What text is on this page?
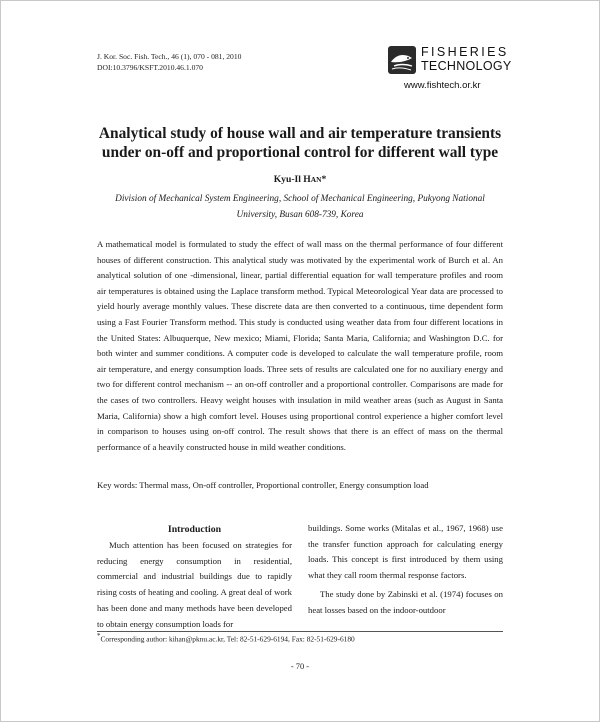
J. Kor. Soc. Fish. Tech., 46 (1), 070 - 081, 2010
DOI:10.3796/KSFT.2010.46.1.070
FISHERIES
TECHNOLOGY
www.fishtech.or.kr
Analytical study of house wall and air temperature transients
under on-off and proportional control for different wall type
Kyu-Il HAN*
Division of Mechanical System Engineering, School of Mechanical Engineering, Pukyong National
University, Busan 608-739, Korea

A mathematical model is formulated to study the effect of wall mass on the thermal performance of four different houses of different construction. This analytical study was motivated by the experimental work of Burch et al. An analytical solution of one -dimensional, linear, partial differential equation for wall temperature profiles and room air temperatures is obtained using the Laplace transform method. Typical Meteorological Year data are processed to yield hourly average monthly values. These discrete data are then converted to a continuous, time dependent form using a Fast Fourier Transform method. This study is conducted using weather data from four different locations in the United States: Albuquerque, New mexico; Miami, Florida; Santa Maria, California; and Washington D.C. for both winter and summer conditions. A computer code is developed to calculate the wall temperature profile, room air temperature, and energy consumption loads. Three sets of results are calculated one for no auxiliary energy and two for different control mechanism -- an on-off controller and a proportional controller. Comparisons are made for the cases of two controllers. Heavy weight houses with insulation in mild weather areas (such as August in Santa Maria, California) show a high comfort level. Houses using proportional control experience a higher comfort level in comparison to houses using on-off control. The result shows that there is an effect of mass on the thermal performance of a heavily constructed house in mild weather conditions.

Key words: Thermal mass, On-off controller, Proportional controller, Energy consumption load
Introduction

Much attention has been focused on strategies for reducing energy consumption in residential, commercial and industrial buildings due to rapidly rising costs of heating and cooling. A great deal of work has been done and many methods have been developed to obtain energy consumption loads for

buildings. Some works (Mitalas et al., 1967, 1968) use the transfer function approach for calculating energy loads. This concept is first introduced by them using what they call room thermal response factors.

The study done by Zabinski et al. (1974) focuses on heat losses based on the indoor-outdoor

*Corresponding author: kihan@pknu.ac.kr, Tel: 82-51-629-6194, Fax: 82-51-629-6180
- 70 -
